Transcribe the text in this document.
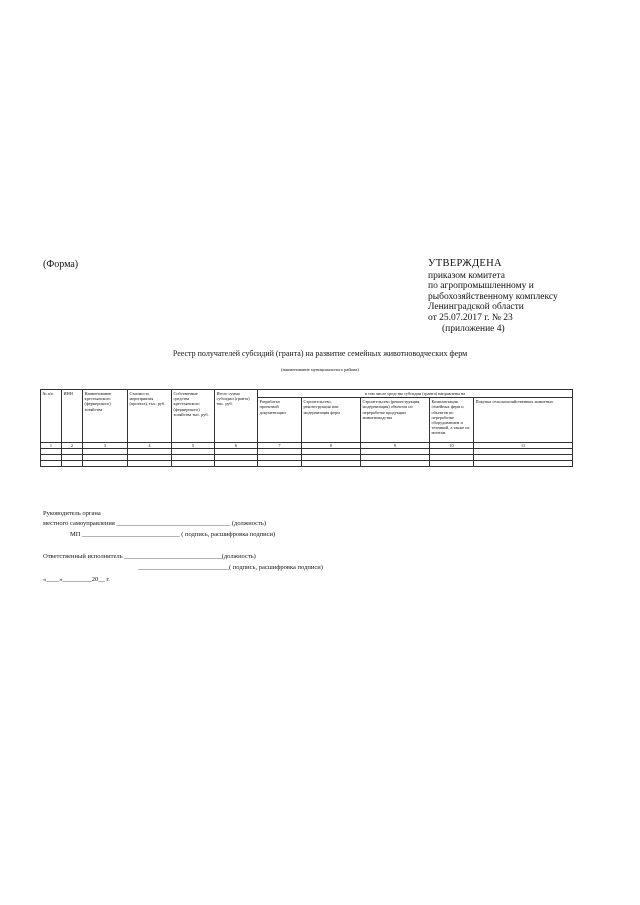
(Форма)	УТВЕРЖДЕНА
приказом комитета
по агропромышленному и
рыбохозяйственному комплексу
Ленинградской области
от 25.07.2017 г. № 23
(приложение 4)
Реестр получателей субсидий (гранта) на развитие семейных животноводческих ферм
(наименование муниципального района)
№ п/п	ИНН	Наименование крестьянского (фермерского) хозяйства	Стоимость мероприятия (проекта), тыс. руб.	Собственные средства крестьянского (фермерского) хозяйства тыс. руб.	Итого сумма субсидии (гранта) тыс. руб.	в том числе средства субсидии (гранта) направлены на				
						Разработка проектной документации	Строительство, реконструкция или модернизация ферм	Строительство (реконструкция, модернизация) объектов по переработке продукции животноводства	Комплектация семейных ферм и объектов по переработке оборудованием и техникой, а также их монтаж	Покупка сельскохозяйственных животных
1	2	3	4	5	6	7	8	9	10	11

Руководитель органа
местного самоуправления ___________________________________ (должность)
МП ______________________________ ( подпись, расшифровка подписи)
Ответственный исполнитель ______________________________(должность)
____________________________( подпись, расшифровка подписи)
«____»_________20__ г.
